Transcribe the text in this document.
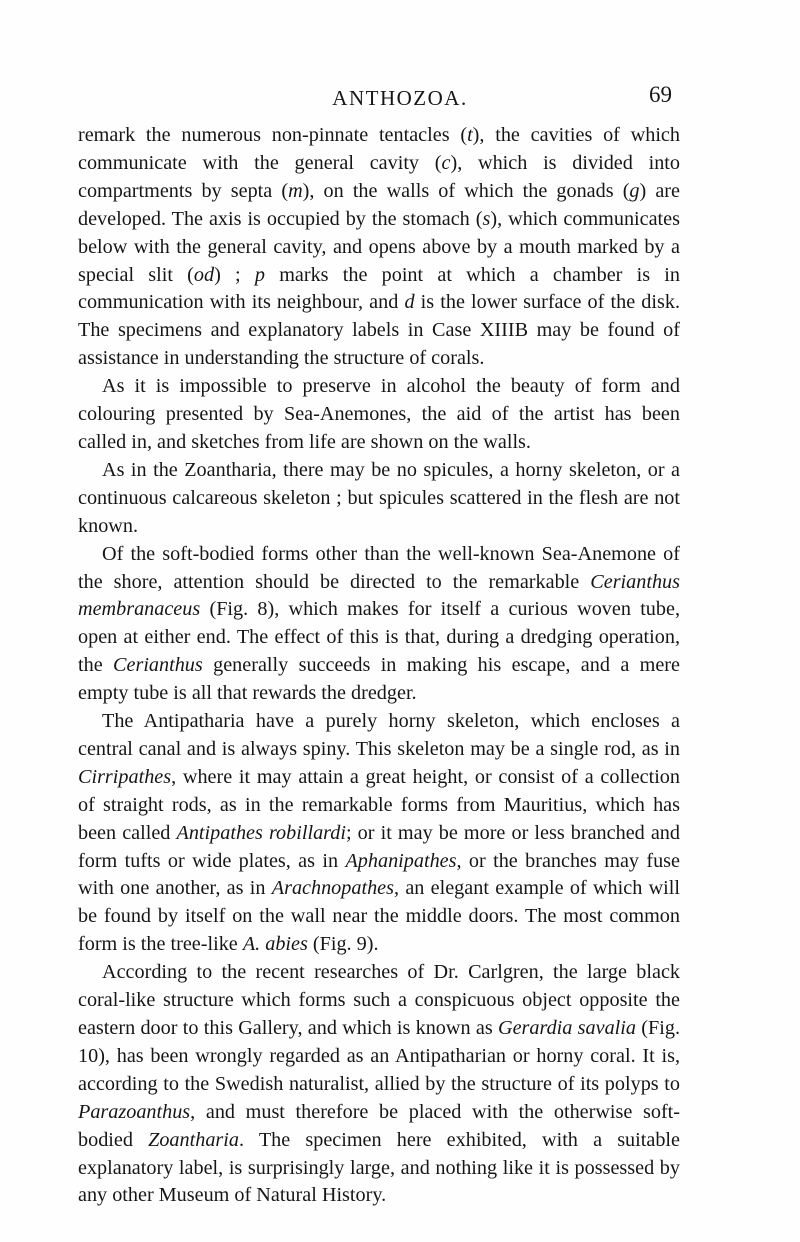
ANTHOZOA.	69

remark the numerous non-pinnate tentacles (t), the cavities of which communicate with the general cavity (c), which is divided into compartments by septa (m), on the walls of which the gonads (g) are developed. The axis is occupied by the stomach (s), which communicates below with the general cavity, and opens above by a mouth marked by a special slit (od) ; p marks the point at which a chamber is in communication with its neighbour, and d is the lower surface of the disk. The specimens and explanatory labels in Case XIIIB may be found of assistance in understanding the structure of corals.

As it is impossible to preserve in alcohol the beauty of form and colouring presented by Sea-Anemones, the aid of the artist has been called in, and sketches from life are shown on the walls.

As in the Zoantharia, there may be no spicules, a horny skeleton, or a continuous calcareous skeleton ; but spicules scattered in the flesh are not known.

Of the soft-bodied forms other than the well-known Sea-Anemone of the shore, attention should be directed to the remarkable Cerianthus membranaceus (Fig. 8), which makes for itself a curious woven tube, open at either end. The effect of this is that, during a dredging operation, the Cerianthus generally succeeds in making his escape, and a mere empty tube is all that rewards the dredger.

The Antipatharia have a purely horny skeleton, which encloses a central canal and is always spiny. This skeleton may be a single rod, as in Cirripathes, where it may attain a great height, or consist of a collection of straight rods, as in the remarkable forms from Mauritius, which has been called Antipathes robillardi; or it may be more or less branched and form tufts or wide plates, as in Aphanipathes, or the branches may fuse with one another, as in Arachnopathes, an elegant example of which will be found by itself on the wall near the middle doors. The most common form is the tree-like A. abies (Fig. 9).

According to the recent researches of Dr. Carlgren, the large black coral-like structure which forms such a conspicuous object opposite the eastern door to this Gallery, and which is known as Gerardia savalia (Fig. 10), has been wrongly regarded as an Antipatharian or horny coral. It is, according to the Swedish naturalist, allied by the structure of its polyps to Parazoanthus, and must therefore be placed with the otherwise soft-bodied Zoantharia. The specimen here exhibited, with a suitable explanatory label, is surprisingly large, and nothing like it is possessed by any other Museum of Natural History.
